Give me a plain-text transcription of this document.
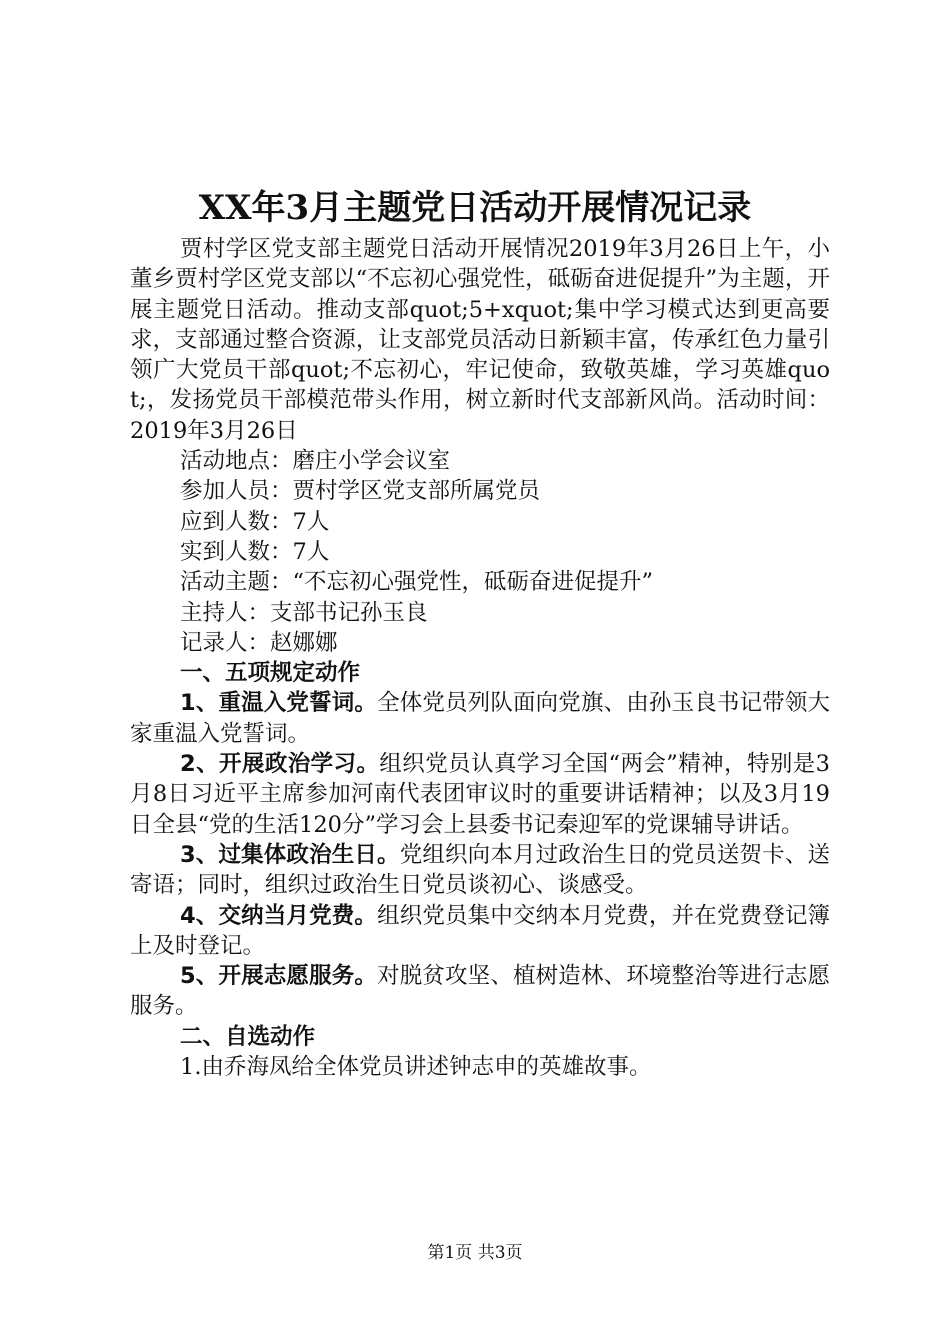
XX年3月主题党日活动开展情况记录

贾村学区党支部主题党日活动开展情况2019年3月26日上午，小董乡贾村学区党支部以“不忘初心强党性，砥砺奋进促提升”为主题，开展主题党日活动。推动支部quot;5+xquot;集中学习模式达到更高要求，支部通过整合资源，让支部党员活动日新颖丰富，传承红色力量引领广大党员干部quot;不忘初心，牢记使命，致敬英雄，学习英雄quot;，发扬党员干部模范带头作用，树立新时代支部新风尚。活动时间：2019年3月26日

活动地点：磨庄小学会议室

参加人员：贾村学区党支部所属党员

应到人数：7人

实到人数：7人

活动主题：“不忘初心强党性，砥砺奋进促提升”

主持人：支部书记孙玉良

记录人：赵娜娜

一、五项规定动作

1、重温入党誓词。全体党员列队面向党旗、由孙玉良书记带领大家重温入党誓词。

2、开展政治学习。组织党员认真学习全国“两会”精神，特别是3月8日习近平主席参加河南代表团审议时的重要讲话精神；以及3月19日全县“党的生活120分”学习会上县委书记秦迎军的党课辅导讲话。

3、过集体政治生日。党组织向本月过政治生日的党员送贺卡、送寄语；同时，组织过政治生日党员谈初心、谈感受。

4、交纳当月党费。组织党员集中交纳本月党费，并在党费登记簿上及时登记。

5、开展志愿服务。对脱贫攻坚、植树造林、环境整治等进行志愿服务。

二、自选动作

1.由乔海凤给全体党员讲述钟志申的英雄故事。

第1页 共3页
